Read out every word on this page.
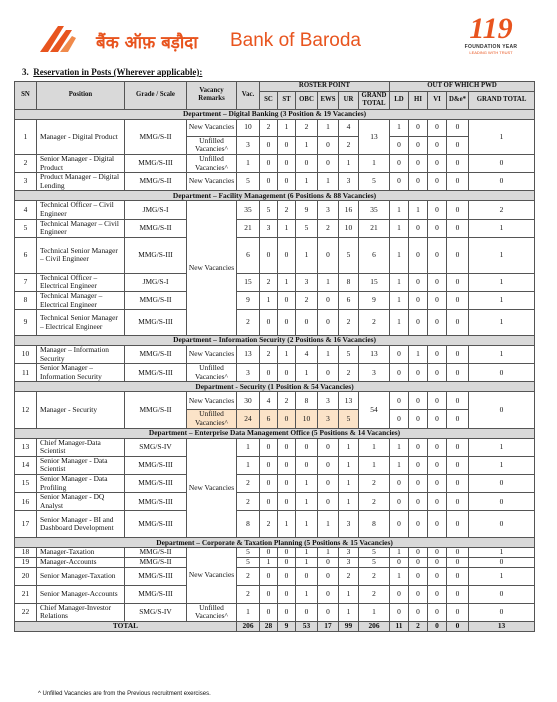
बैंक ऑफ़ बड़ौदा Bank of Baroda	119
FOUNDATION YEAR
LEADING WITH TRUST
3. Reservation in Posts (Wherever applicable):
SN	Position	Grade / Scale	Vacancy Remarks	Vac.	ROSTER POINT						OUT OF WHICH PWD				
					SC	ST	OBC	EWS	UR	GRAND TOTAL	LD	HI	VI	D&e*	GRAND TOTAL
Department – Digital Banking (3 Position & 19 Vacancies)															
1	Manager - Digital Product	MMG/S-II	New Vacancies	10	2	1	2	1	4	13	1	0	0	0	1
			Unfilled Vacancies^	3	0	0	1	0	2		0	0	0	0	
2	Senior Manager - Digital Product	MMG/S-III	Unfilled Vacancies^	1	0	0	0	0	1	1	0	0	0	0	0
3	Product Manager – Digital Lending	MMG/S-II	New Vacancies	5	0	0	1	1	3	5	0	0	0	0	0
Department – Facility Management (6 Positions & 88 Vacancies)															
4	Technical Officer – Civil Engineer	JMG/S-I	New Vacancies	35	5	2	9	3	16	35	1	1	0	0	2
5	Technical Manager – Civil Engineer	MMG/S-II		21	3	1	5	2	10	21	1	0	0	0	1
6	Technical Senior Manager – Civil Engineer	MMG/S-III		6	0	0	1	0	5	6	1	0	0	0	1
7	Technical Officer – Electrical Engineer	JMG/S-I		15	2	1	3	1	8	15	1	0	0	0	1
8	Technical Manager – Electrical Engineer	MMG/S-II		9	1	0	2	0	6	9	1	0	0	0	1
9	Technical Senior Manager – Electrical Engineer	MMG/S-III		2	0	0	0	0	2	2	1	0	0	0	1
Department – Information Security (2 Positions & 16 Vacancies)															
10	Manager – Information Security	MMG/S-II	New Vacancies	13	2	1	4	1	5	13	0	1	0	0	1
11	Senior Manager – Information Security	MMG/S-III	Unfilled Vacancies^	3	0	0	1	0	2	3	0	0	0	0	0
Department - Security (1 Position & 54 Vacancies)															
12	Manager - Security	MMG/S-II	New Vacancies	30	4	2	8	3	13	54	0	0	0	0	0
			Unfilled Vacancies^	24	6	0	10	3	5		0	0	0	0	
Department – Enterprise Data Management Office (5 Positions & 14 Vacancies)															
13	Chief Manager-Data Scientist	SMG/S-IV	New Vacancies	1	0	0	0	0	1	1	1	0	0	0	1
14	Senior Manager - Data Scientist	MMG/S-III		1	0	0	0	0	1	1	1	0	0	0	1
15	Senior Manager - Data Profiling	MMG/S-III		2	0	0	1	0	1	2	0	0	0	0	0
16	Senior Manager - DQ Analyst	MMG/S-III		2	0	0	1	0	1	2	0	0	0	0	0
17	Senior Manager - BI and Dashboard Development	MMG/S-III		8	2	1	1	1	3	8	0	0	0	0	0
Department – Corporate & Taxation Planning (5 Positions & 15 Vacancies)															
18	Manager-Taxation	MMG/S-II	New Vacancies	5	0	0	1	1	3	5	1	0	0	0	1
19	Manager-Accounts	MMG/S-II		5	1	0	1	0	3	5	0	0	0	0	0
20	Senior Manager-Taxation	MMG/S-III		2	0	0	0	0	2	2	1	0	0	0	1
21	Senior Manager-Accounts	MMG/S-III		2	0	0	1	0	1	2	0	0	0	0	0
22	Chief Manager-Investor Relations	SMG/S-IV	Unfilled Vacancies^	1	0	0	0	0	1	1	0	0	0	0	0
TOTAL				206	28	9	53	17	99	206	11	2	0	0	13
^ Unfilled Vacancies are from the Previous recruitment exercises.
